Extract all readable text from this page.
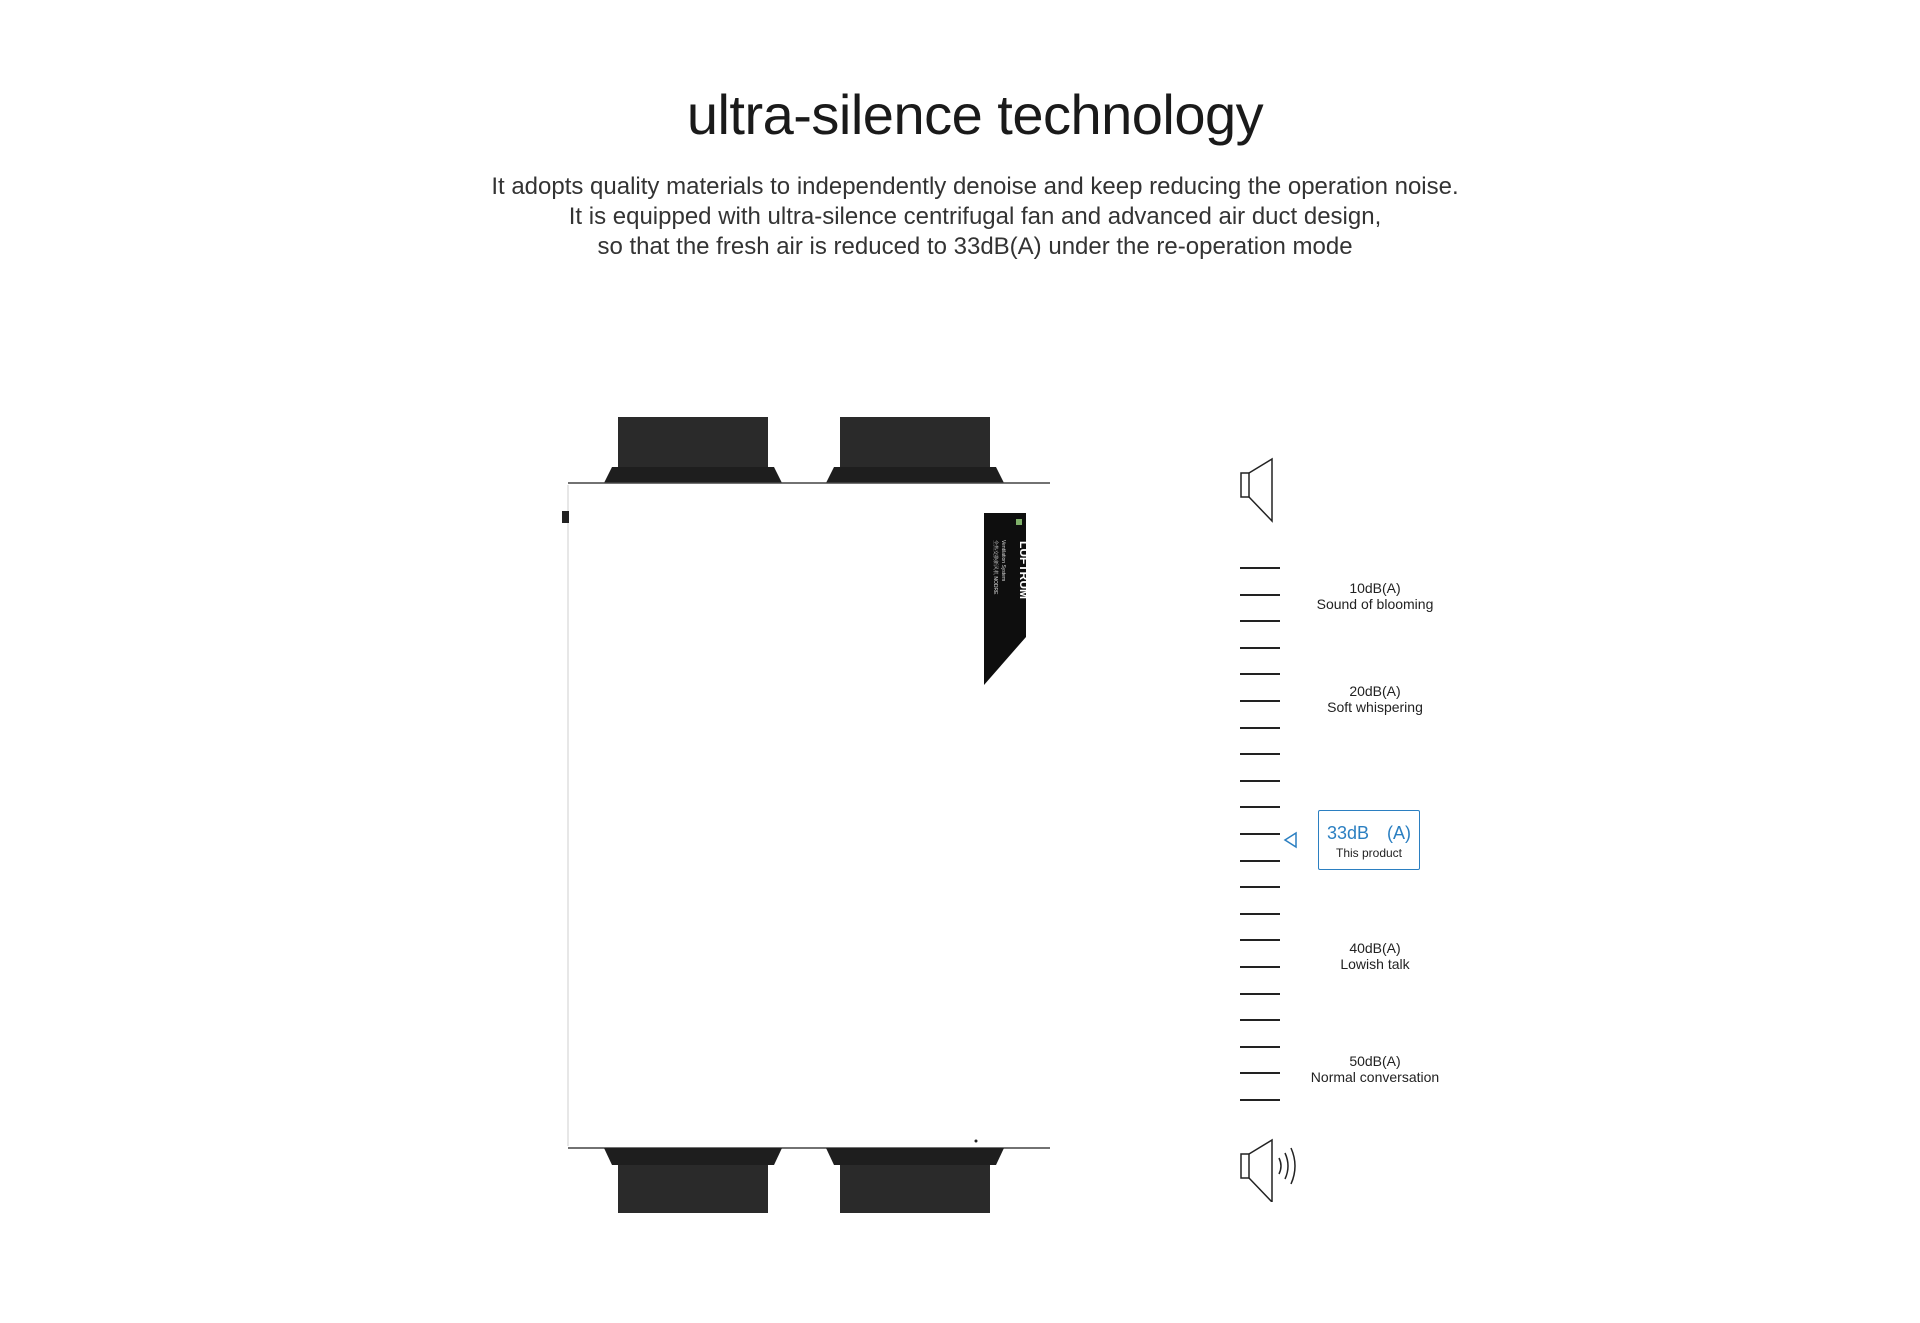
ultra-silence technology
It adopts quality materials to independently denoise and keep reducing the operation noise.
It is equipped with ultra-silence centrifugal fan and advanced air duct design,
so that the fresh air is reduced to 33dB(A) under the re-operation mode
LUFTRUM
Ventilation System
全热交换新风机 NODRE	10dB(A)
Sound of blooming
20dB(A)
Soft whispering
40dB(A)
Lowish talk
50dB(A)
Normal conversation
33dB　(A)
This product
